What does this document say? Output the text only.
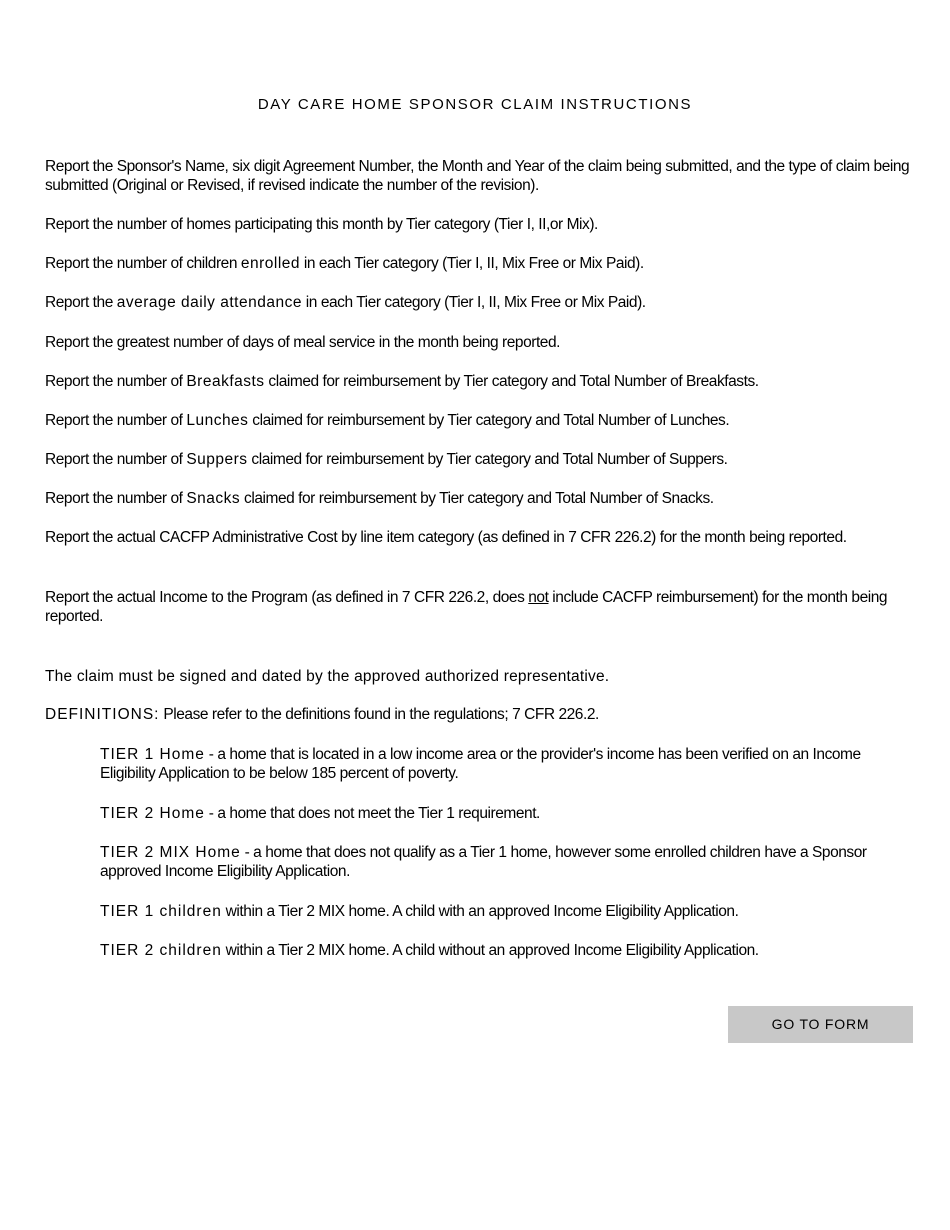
DAY CARE HOME SPONSOR CLAIM INSTRUCTIONS
Report the Sponsor's Name, six digit Agreement Number, the Month and Year of the claim being submitted, and the type of claim being submitted (Original or Revised, if revised indicate the number of the revision).
Report the number of homes participating this month by Tier category (Tier I, II,or Mix).
Report the number of children enrolled in each Tier category (Tier I, II, Mix Free or Mix Paid).
Report the average daily attendance in each Tier category (Tier I, II, Mix Free or Mix Paid).
Report the greatest number of days of meal service in the month being reported.
Report the number of Breakfasts claimed for reimbursement by Tier category and Total Number of Breakfasts.
Report the number of Lunches claimed for reimbursement by Tier category and Total Number of Lunches.
Report the number of Suppers claimed for reimbursement by Tier category and Total Number of Suppers.
Report the number of Snacks claimed for reimbursement by Tier category and Total Number of Snacks.
Report the actual CACFP Administrative Cost by line item category (as defined in 7 CFR 226.2) for the month being reported.
Report the actual Income to the Program (as defined in 7 CFR 226.2, does not include CACFP reimbursement) for the month being reported.
The claim must be signed and dated by the approved authorized representative.
DEFINITIONS: Please refer to the definitions found in the regulations; 7 CFR 226.2.
TIER 1 Home - a home that is located in a low income area or the provider's income has been verified on an Income Eligibility Application to be below 185 percent of poverty.
TIER 2 Home - a home that does not meet the Tier 1 requirement.
TIER 2 MIX Home - a home that does not qualify as a Tier 1 home, however some enrolled children have a Sponsor approved Income Eligibility Application.
TIER 1 children within a Tier 2 MIX home. A child with an approved Income Eligibility Application.
TIER 2 children within a Tier 2 MIX home. A child without an approved Income Eligibility Application.
GO TO FORM
